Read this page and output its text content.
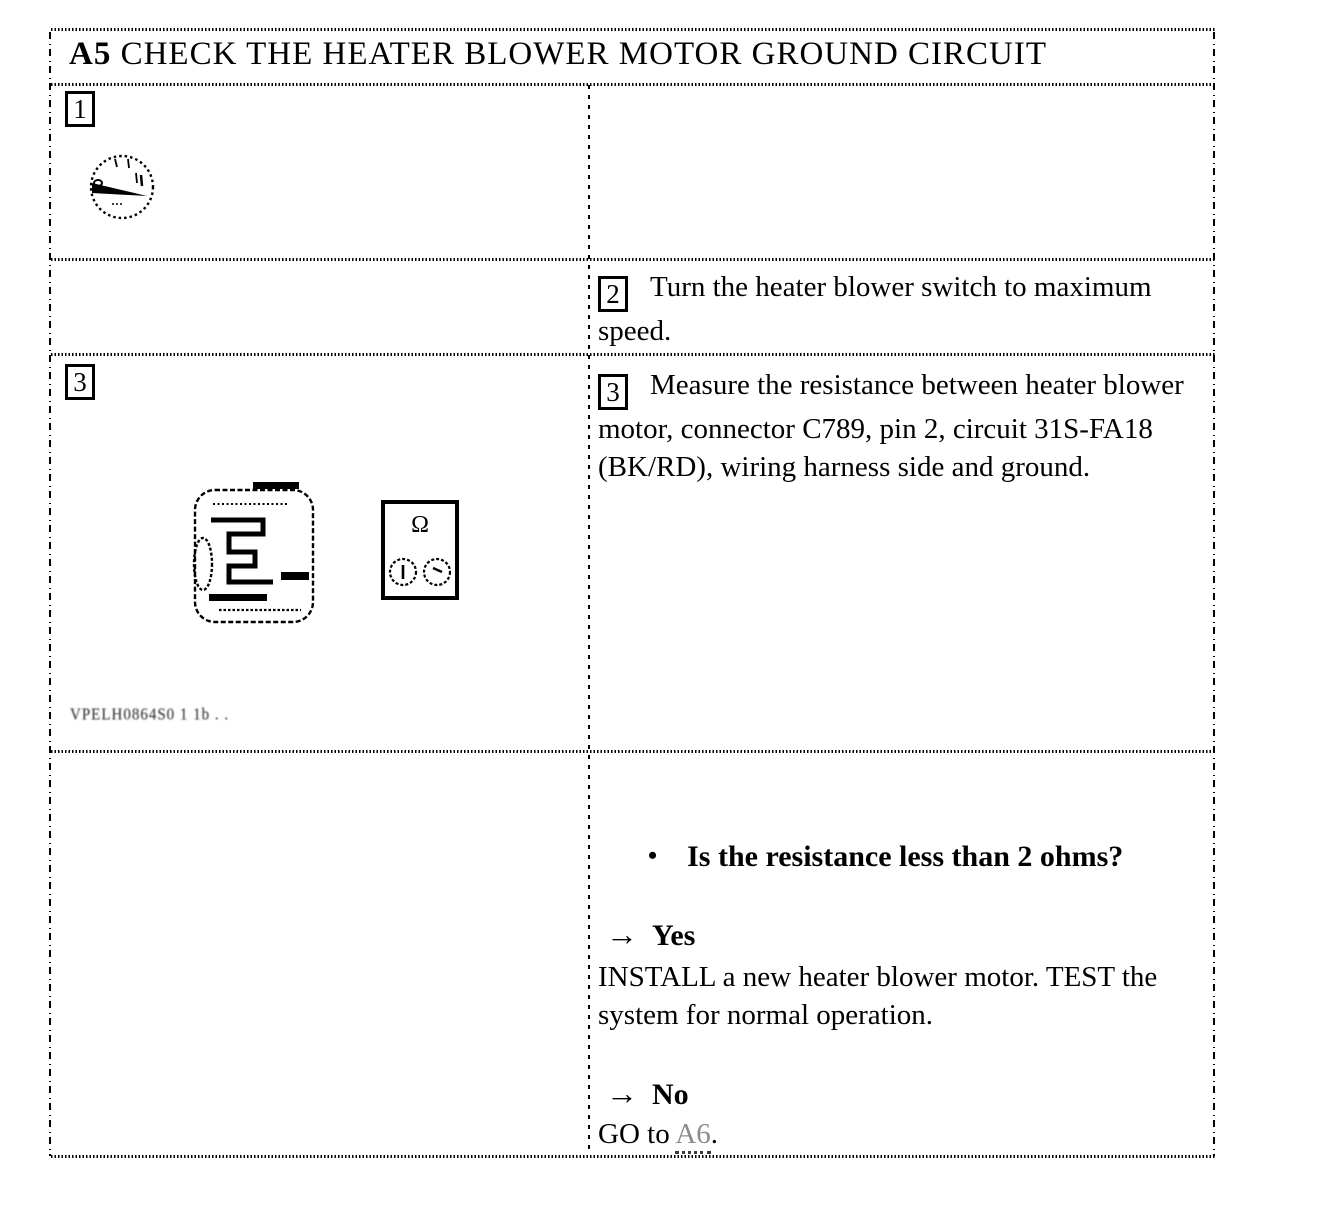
A5 CHECK THE HEATER BLOWER MOTOR GROUND CIRCUIT
1

2 Turn the heater blower switch to maximum speed.

3
Ω
VPELH0864S0 1 1b . .

3 Measure the resistance between heater blower motor, connector C789, pin 2, circuit 31S-FA18 (BK/RD), wiring harness side and ground.

• Is the resistance less than 2 ohms?
→ Yes

INSTALL a new heater blower motor. TEST the system for normal operation.

→ No

GO to A6.
